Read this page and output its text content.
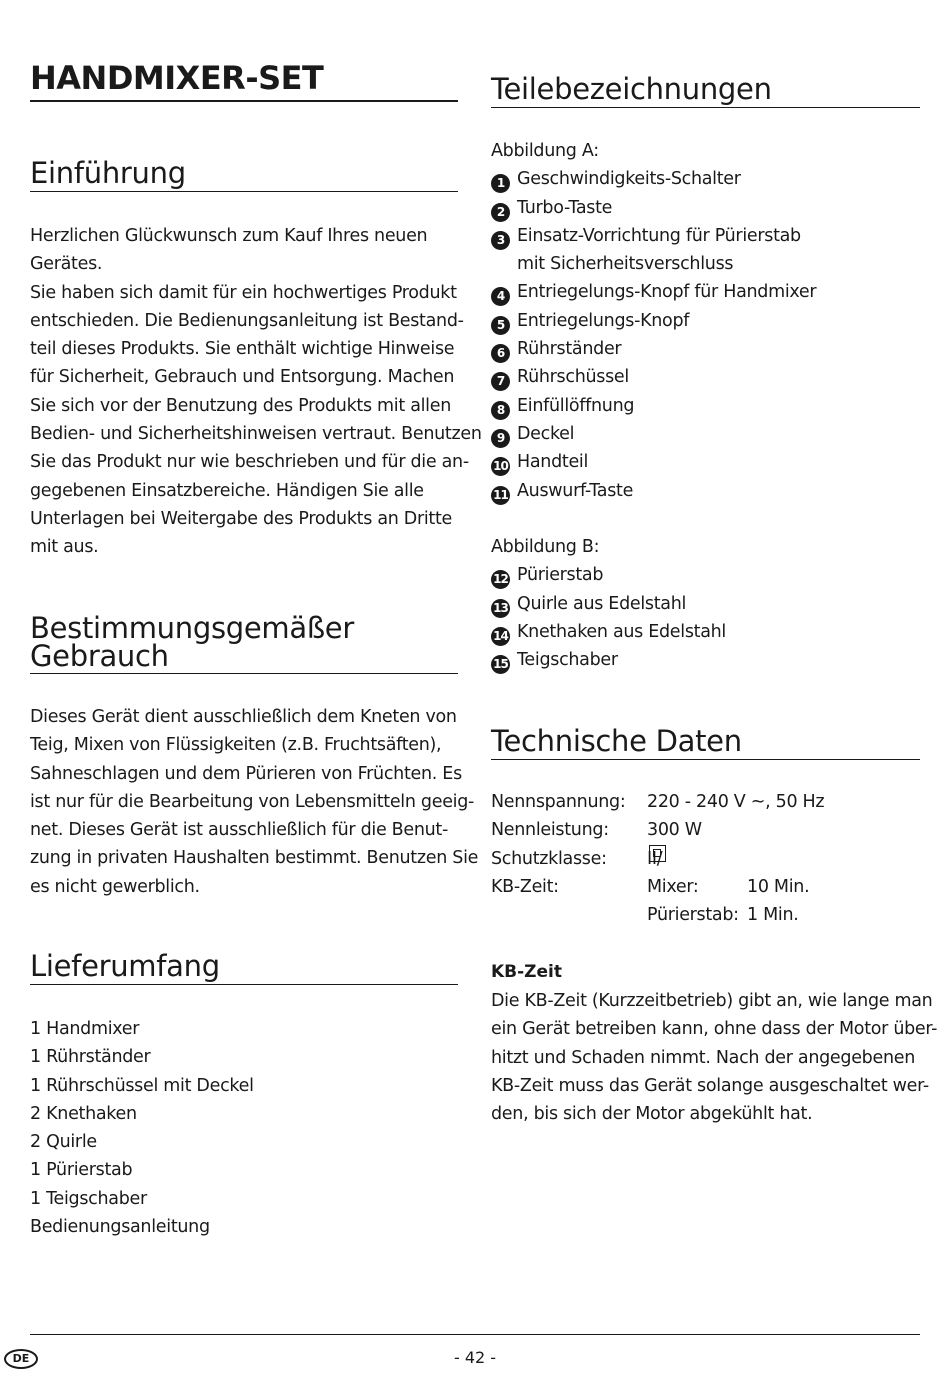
HANDMIXER-SET
Einführung
Herzlichen Glückwunsch zum Kauf Ihres neuen
Gerätes.
Sie haben sich damit für ein hochwertiges Produkt
entschieden. Die Bedienungsanleitung ist Bestand-
teil dieses Produkts. Sie enthält wichtige Hinweise
für Sicherheit, Gebrauch und Entsorgung. Machen
Sie sich vor der Benutzung des Produkts mit allen
Bedien- und Sicherheitshinweisen vertraut. Benutzen
Sie das Produkt nur wie beschrieben und für die an-
gegebenen Einsatzbereiche. Händigen Sie alle
Unterlagen bei Weitergabe des Produkts an Dritte
mit aus.
Bestimmungsgemäßer
Gebrauch
Dieses Gerät dient ausschließlich dem Kneten von
Teig, Mixen von Flüssigkeiten (z.B. Fruchtsäften),
Sahneschlagen und dem Pürieren von Früchten. Es
ist nur für die Bearbeitung von Lebensmitteln geeig-
net. Dieses Gerät ist ausschließlich für die Benut-
zung in privaten Haushalten bestimmt. Benutzen Sie
es nicht gewerblich.
Lieferumfang
1 Handmixer
1 Rührständer
1 Rührschüssel mit Deckel
2 Knethaken
2 Quirle
1 Pürierstab
1 Teigschaber
Bedienungsanleitung
Teilebezeichnungen
Abbildung A:
1 Geschwindigkeits-Schalter
2 Turbo-Taste
3 Einsatz-Vorrichtung für Pürierstab
mit Sicherheitsverschluss
4 Entriegelungs-Knopf für Handmixer
5 Entriegelungs-Knopf
6 Rührständer
7 Rührschüssel
8 Einfüllöffnung
9 Deckel
10 Handteil
11 Auswurf-Taste
Abbildung B:
12 Pürierstab
13 Quirle aus Edelstahl
14 Knethaken aus Edelstahl
15 Teigschaber
Technische Daten
Nennspannung: 220 - 240 V ~, 50 Hz
Nennleistung: 300 W
Schutzklasse: II/
KB-Zeit:	Mixer:	10 Min.
Pürierstab: 1 Min.
KB-Zeit
Die KB-Zeit (Kurzzeitbetrieb) gibt an, wie lange man
ein Gerät betreiben kann, ohne dass der Motor über-
hitzt und Schaden nimmt. Nach der angegebenen
KB-Zeit muss das Gerät solange ausgeschaltet wer-
den, bis sich der Motor abgekühlt hat.
DE	- 42 -
